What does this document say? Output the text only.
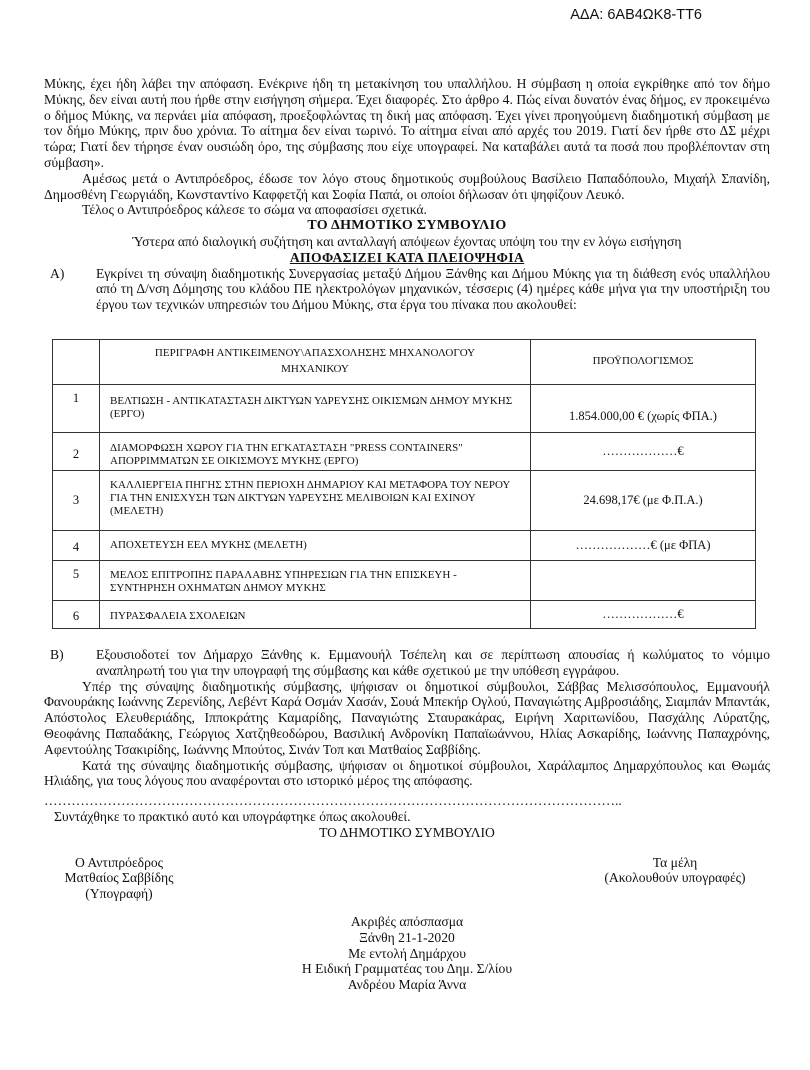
ΑΔΑ: 6ΑΒ4ΩΚ8-ΤΤ6

Μύκης, έχει ήδη λάβει την απόφαση. Ενέκρινε ήδη τη μετακίνηση του υπαλλήλου. Η σύμβαση η οποία εγκρίθηκε από τον δήμο Μύκης, δεν είναι αυτή που ήρθε στην εισήγηση σήμερα. Έχει διαφορές. Στο άρθρο 4. Πώς είναι δυνατόν ένας δήμος, εν προκειμένω ο δήμος Μύκης, να περνάει μία απόφαση, προεξοφλώντας τη δική μας απόφαση. Έχει γίνει προηγούμενη διαδημοτική σύμβαση με τον δήμο Μύκης, πριν δυο χρόνια. Το αίτημα δεν είναι τωρινό. Το αίτημα είναι από αρχές του 2019. Γιατί δεν ήρθε στο ΔΣ μέχρι τώρα; Γιατί δεν τήρησε έναν ουσιώδη όρο, της σύμβασης που είχε υπογραφεί. Να καταβάλει αυτά τα ποσά που προβλέπονταν στη σύμβαση».

Αμέσως μετά ο Αντιπρόεδρος, έδωσε τον λόγο στους δημοτικούς συμβούλους Βασίλειο Παπαδόπουλο, Μιχαήλ Σπανίδη, Δημοσθένη Γεωργιάδη, Κωνσταντίνο Καφφετζή και Σοφία Παπά, οι οποίοι δήλωσαν ότι ψηφίζουν Λευκό.

Τέλος ο Αντιπρόεδρος κάλεσε το σώμα να αποφασίσει σχετικά.

ΤΟ ΔΗΜΟΤΙΚΟ ΣΥΜΒΟΥΛΙΟ

Ύστερα από διαλογική συζήτηση και ανταλλαγή απόψεων έχοντας υπόψη του την εν λόγω εισήγηση

ΑΠΟΦΑΣΙΖΕΙ ΚΑΤΑ ΠΛΕΙΟΨΗΦΙΑ
Α)	Εγκρίνει τη σύναψη διαδημοτικής Συνεργασίας μεταξύ Δήμου Ξάνθης και Δήμου Μύκης για τη διάθεση ενός υπαλλήλου από τη Δ/νση Δόμησης του κλάδου ΠΕ ηλεκτρολόγων μηχανικών, τέσσερις (4) ημέρες κάθε μήνα για την υποστήριξη του έργου των τεχνικών υπηρεσιών του Δήμου Μύκης, στα έργα του πίνακα που ακολουθεί:
	ΠΕΡΙΓΡΑΦΗ ΑΝΤΙΚΕΙΜΕΝΟΥ\ΑΠΑΣΧΟΛΗΣΗΣ ΜΗΧΑΝΟΛΟΓΟΥ ΜΗΧΑΝΙΚΟΥ	ΠΡΟΫΠΟΛΟΓΙΣΜΟΣ
1	ΒΕΛΤΙΩΣΗ - ΑΝΤΙΚΑΤΑΣΤΑΣΗ ΔΙΚΤΥΩΝ ΥΔΡΕΥΣΗΣ ΟΙΚΙΣΜΩΝ ΔΗΜΟΥ ΜΥΚΗΣ (ΕΡΓΟ)	1.854.000,00 € (χωρίς ΦΠΑ.)
2	ΔΙΑΜΟΡΦΩΣΗ ΧΩΡΟΥ ΓΙΑ ΤΗΝ ΕΓΚΑΤΑΣΤΑΣΗ "PRESS CONTAINERS" ΑΠΟΡΡΙΜΜΑΤΩΝ ΣΕ ΟΙΚΙΣΜΟΥΣ ΜΥΚΗΣ (ΕΡΓΟ)	………………€
3	ΚΑΛΛΙΕΡΓΕΙΑ ΠΗΓΗΣ ΣΤΗΝ ΠΕΡΙΟΧΗ ΔΗΜΑΡΙΟΥ ΚΑΙ ΜΕΤΑΦΟΡΑ ΤΟΥ ΝΕΡΟΥ ΓΙΑ ΤΗΝ ΕΝΙΣΧΥΣΗ ΤΩΝ ΔΙΚΤΥΩΝ ΥΔΡΕΥΣΗΣ ΜΕΛΙΒΟΙΩΝ ΚΑΙ ΕΧΙΝΟΥ (ΜΕΛΕΤΗ)	24.698,17€ (με Φ.Π.Α.)
4	ΑΠΟΧΕΤΕΥΣΗ ΕΕΛ ΜΥΚΗΣ (ΜΕΛΕΤΗ)	………………€ (με ΦΠΑ)
5	ΜΕΛΟΣ ΕΠΙΤΡΟΠΗΣ ΠΑΡΑΛΑΒΗΣ ΥΠΗΡΕΣΙΩΝ ΓΙΑ ΤΗΝ ΕΠΙΣΚΕΥΗ - ΣΥΝΤΗΡΗΣΗ ΟΧΗΜΑΤΩΝ ΔΗΜΟΥ ΜΥΚΗΣ	
6	ΠΥΡΑΣΦΑΛΕΙΑ ΣΧΟΛΕΙΩΝ	………………€
Β)	Εξουσιοδοτεί τον Δήμαρχο Ξάνθης κ. Εμμανουήλ Τσέπελη και σε περίπτωση απουσίας ή κωλύματος το νόμιμο αναπληρωτή του για την υπογραφή της σύμβασης και κάθε σχετικού με την υπόθεση εγγράφου.

Υπέρ της σύναψης διαδημοτικής σύμβασης, ψήφισαν οι δημοτικοί σύμβουλοι, Σάββας Μελισσόπουλος, Εμμανουήλ Φανουράκης Ιωάννης Ζερενίδης, Λεβέντ Καρά Οσμάν Χασάν, Σουά Μπεκήρ Ογλού, Παναγιώτης Αμβροσιάδης, Σιαμπάν Μπαντάκ, Απόστολος Ελευθεριάδης, Ιπποκράτης Καμαρίδης, Παναγιώτης Σταυρακάρας, Ειρήνη Χαριτωνίδου, Πασχάλης Λύρατζης, Θεοφάνης Παπαδάκης, Γεώργιος Χατζηθεοδώρου, Βασιλική Ανδρονίκη Παπαϊωάννου, Ηλίας Ασκαρίδης, Ιωάννης Παπαχρόνης, Αφεντούλης Τσακιρίδης, Ιωάννης Μπούτος, Σινάν Τοπ και Ματθαίος Σαββίδης.

Κατά της σύναψης διαδημοτικής σύμβασης, ψήφισαν οι δημοτικοί σύμβουλοι, Χαράλαμπος Δημαρχόπουλος και Θωμάς Ηλιάδης, για τους λόγους που αναφέρονται στο ιστορικό μέρος της απόφασης.

………………………………………………………………………………………………………………..

Συντάχθηκε το πρακτικό αυτό και υπογράφτηκε όπως ακολουθεί.

ΤΟ ΔΗΜΟΤΙΚΟ ΣΥΜΒΟΥΛΙΟ
Ο Αντιπρόεδρος
Ματθαίος Σαββίδης
(Υπογραφή)
Τα μέλη
(Ακολουθούν υπογραφές)
Ακριβές απόσπασμα
Ξάνθη 21-1-2020
Με εντολή Δημάρχου
Η Ειδική Γραμματέας του Δημ. Σ/λίου
Ανδρέου Μαρία Άννα
